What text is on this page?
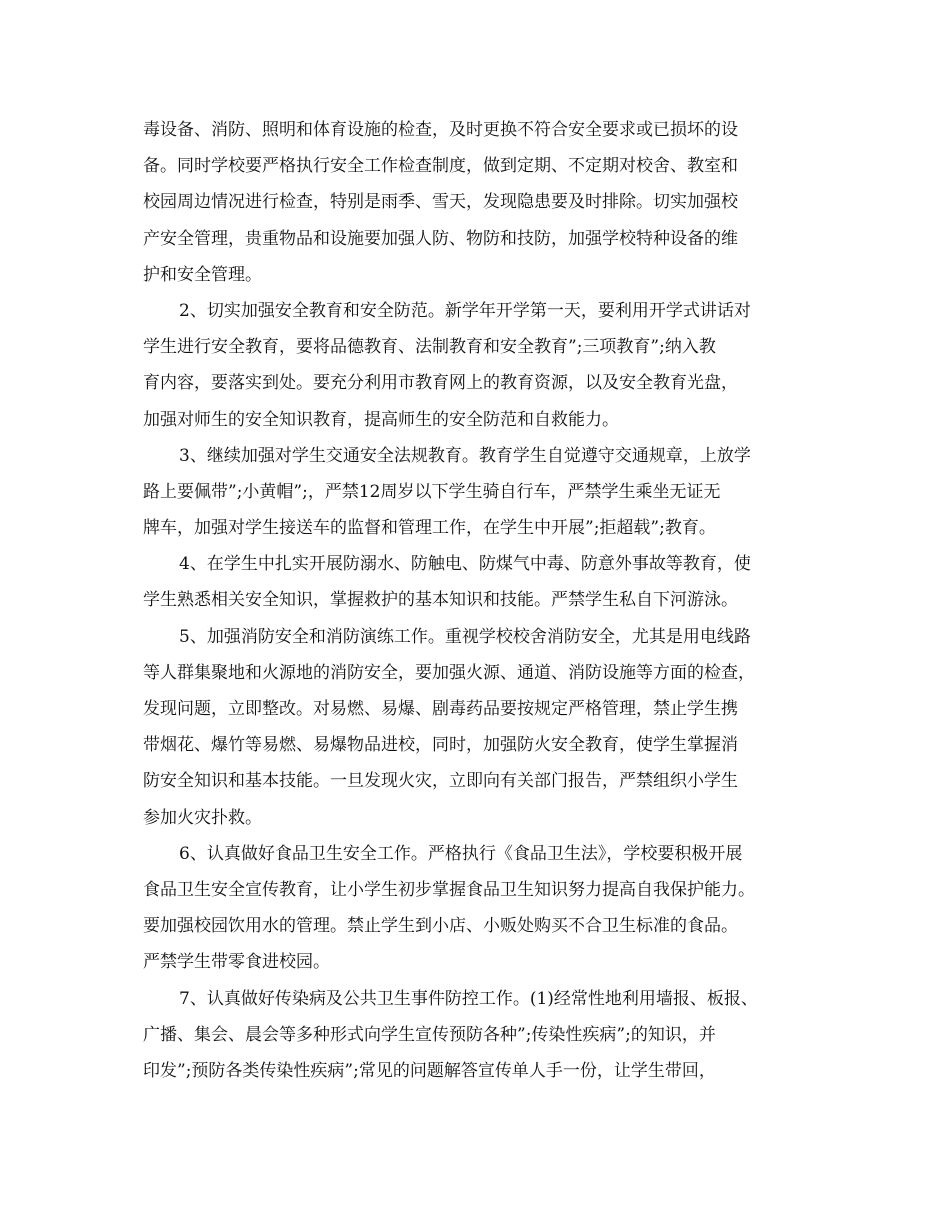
毒设备、消防、照明和体育设施的检查，及时更换不符合安全要求或已损坏的设
备。同时学校要严格执行安全工作检查制度，做到定期、不定期对校舍、教室和
校园周边情况进行检查，特别是雨季、雪天，发现隐患要及时排除。切实加强校
产安全管理，贵重物品和设施要加强人防、物防和技防，加强学校特种设备的维
护和安全管理。
2、切实加强安全教育和安全防范。新学年开学第一天，要利用开学式讲话对
学生进行安全教育，要将品德教育、法制教育和安全教育”;三项教育”;纳入教
育内容，要落实到处。要充分利用市教育网上的教育资源，以及安全教育光盘，
加强对师生的安全知识教育，提高师生的安全防范和自救能力。
3、继续加强对学生交通安全法规教育。教育学生自觉遵守交通规章，上放学
路上要佩带”;小黄帽”;，严禁12周岁以下学生骑自行车，严禁学生乘坐无证无
牌车，加强对学生接送车的监督和管理工作，在学生中开展”;拒超载”;教育。
4、在学生中扎实开展防溺水、防触电、防煤气中毒、防意外事故等教育，使
学生熟悉相关安全知识，掌握救护的基本知识和技能。严禁学生私自下河游泳。
5、加强消防安全和消防演练工作。重视学校校舍消防安全，尤其是用电线路
等人群集聚地和火源地的消防安全，要加强火源、通道、消防设施等方面的检查，
发现问题，立即整改。对易燃、易爆、剧毒药品要按规定严格管理，禁止学生携
带烟花、爆竹等易燃、易爆物品进校，同时，加强防火安全教育，使学生掌握消
防安全知识和基本技能。一旦发现火灾，立即向有关部门报告，严禁组织小学生
参加火灾扑救。
6、认真做好食品卫生安全工作。严格执行《食品卫生法》，学校要积极开展
食品卫生安全宣传教育，让小学生初步掌握食品卫生知识努力提高自我保护能力。
要加强校园饮用水的管理。禁止学生到小店、小贩处购买不合卫生标准的食品。
严禁学生带零食进校园。
7、认真做好传染病及公共卫生事件防控工作。(1)经常性地利用墙报、板报、
广播、集会、晨会等多种形式向学生宣传预防各种”;传染性疾病”;的知识，并
印发”;预防各类传染性疾病”;常见的问题解答宣传单人手一份，让学生带回，
